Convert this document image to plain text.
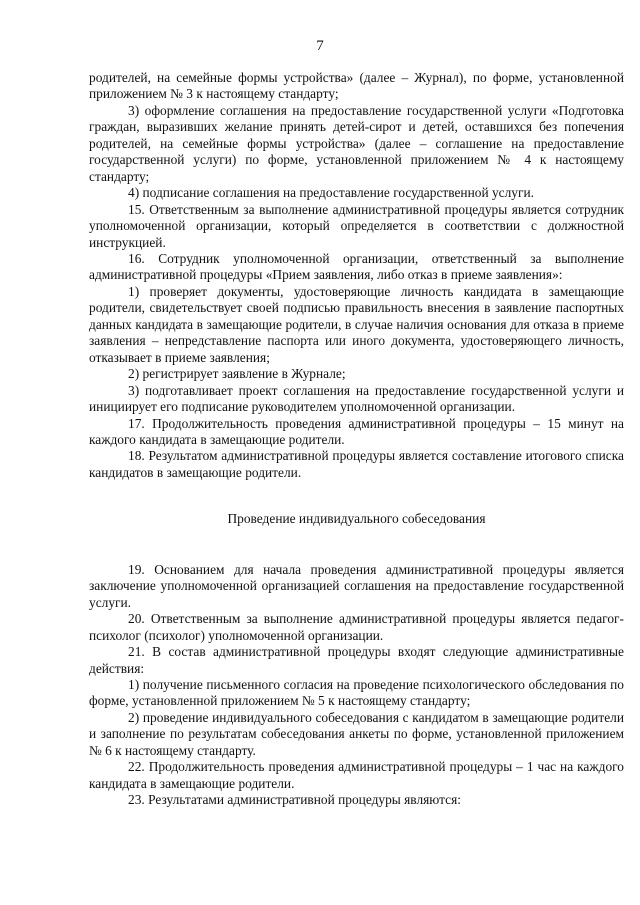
7

родителей, на семейные формы устройства» (далее – Журнал), по форме, установленной приложением № 3 к настоящему стандарту;

3) оформление соглашения на предоставление государственной услуги «Подготовка граждан, выразивших желание принять детей-сирот и детей, оставшихся без попечения родителей, на семейные формы устройства» (далее – соглашение на предоставление государственной услуги) по форме, установленной приложением № 4 к настоящему стандарту;

4) подписание соглашения на предоставление государственной услуги.

15. Ответственным за выполнение административной процедуры является сотрудник уполномоченной организации, который определяется в соответствии с должностной инструкцией.

16. Сотрудник уполномоченной организации, ответственный за выполнение административной процедуры «Прием заявления, либо отказ в приеме заявления»:

1) проверяет документы, удостоверяющие личность кандидата в замещающие родители, свидетельствует своей подписью правильность внесения в заявление паспортных данных кандидата в замещающие родители, в случае наличия основания для отказа в приеме заявления – непредставление паспорта или иного документа, удостоверяющего личность, отказывает в приеме заявления;

2) регистрирует заявление в Журнале;

3) подготавливает проект соглашения на предоставление государственной услуги и инициирует его подписание руководителем уполномоченной организации.

17. Продолжительность проведения административной процедуры – 15 минут на каждого кандидата в замещающие родители.

18. Результатом административной процедуры является составление итогового списка кандидатов в замещающие родители.

Проведение индивидуального собеседования

19. Основанием для начала проведения административной процедуры является заключение уполномоченной организацией соглашения на предоставление государственной услуги.

20. Ответственным за выполнение административной процедуры является педагог-психолог (психолог) уполномоченной организации.

21. В состав административной процедуры входят следующие административные действия:

1) получение письменного согласия на проведение психологического обследования по форме, установленной приложением № 5 к настоящему стандарту;

2) проведение индивидуального собеседования с кандидатом в замещающие родители и заполнение по результатам собеседования анкеты по форме, установленной приложением № 6 к настоящему стандарту.

22. Продолжительность проведения административной процедуры – 1 час на каждого кандидата в замещающие родители.

23. Результатами административной процедуры являются:
